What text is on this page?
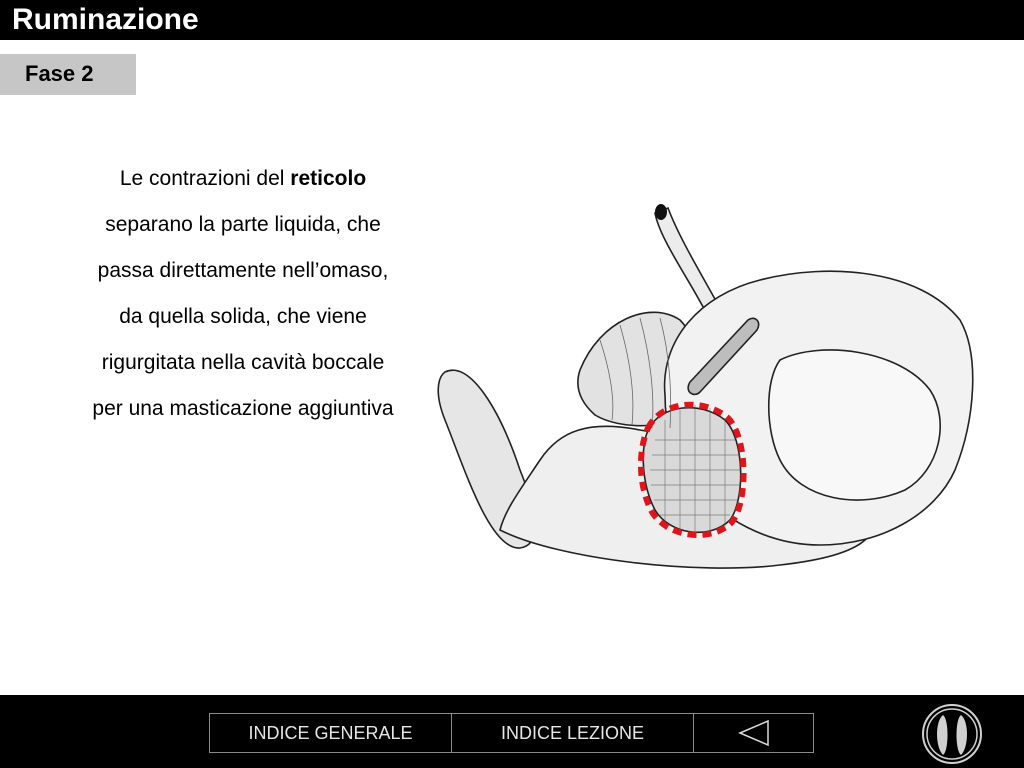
Ruminazione
Fase 2
Le contrazioni del reticolo
separano la parte liquida, che
passa direttamente nell’omaso,
da quella solida, che viene
rigurgitata nella cavità boccale
per una masticazione aggiuntiva
INDICE GENERALE	INDICE LEZIONE
